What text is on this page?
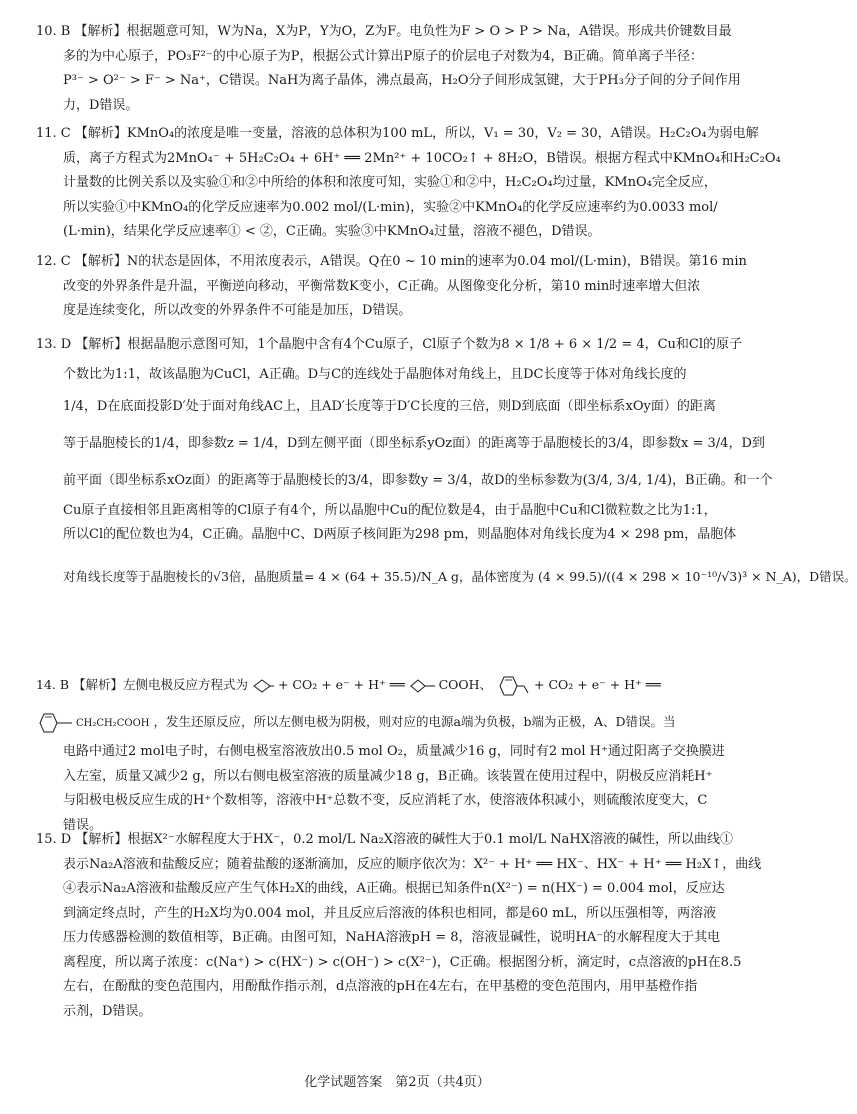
10. B 【解析】根据题意可知，W为Na，X为P，Y为O，Z为F。电负性为F > O > P > Na，A错误。形成共价键数目最
多的为中心原子，PO₃F²⁻的中心原子为P，根据公式计算出P原子的价层电子对数为4，B正确。简单离子半径：
P³⁻ > O²⁻ > F⁻ > Na⁺，C错误。NaH为离子晶体，沸点最高，H₂O分子间形成氢键，大于PH₃分子间的分子间作用
力，D错误。
11. C 【解析】KMnO₄的浓度是唯一变量，溶液的总体积为100 mL，所以，V₁ = 30，V₂ = 30，A错误。H₂C₂O₄为弱电解
质，离子方程式为2MnO₄⁻ + 5H₂C₂O₄ + 6H⁺ ══ 2Mn²⁺ + 10CO₂↑ + 8H₂O，B错误。根据方程式中KMnO₄和H₂C₂O₄
计量数的比例关系以及实验①和②中所给的体积和浓度可知，实验①和②中，H₂C₂O₄均过量，KMnO₄完全反应，
所以实验①中KMnO₄的化学反应速率为0.002 mol/(L·min)，实验②中KMnO₄的化学反应速率约为0.0033 mol/
(L·min)，结果化学反应速率① < ②，C正确。实验③中KMnO₄过量，溶液不褪色，D错误。
12. C 【解析】N的状态是固体，不用浓度表示，A错误。Q在0 ~ 10 min的速率为0.04 mol/(L·min)，B错误。第16 min
改变的外界条件是升温，平衡逆向移动，平衡常数K变小，C正确。从图像变化分析，第10 min时速率增大但浓
度是连续变化，所以改变的外界条件不可能是加压，D错误。
13. D 【解析】根据晶胞示意图可知，1个晶胞中含有4个Cu原子，Cl原子个数为8 × 1/8 + 6 × 1/2 = 4，Cu和Cl的原子
个数比为1:1，故该晶胞为CuCl，A正确。D与C的连线处于晶胞体对角线上，且DC长度等于体对角线长度的
1/4，D在底面投影D′处于面对角线AC上，且AD′长度等于D′C长度的三倍，则D到底面（即坐标系xOy面）的距离
等于晶胞棱长的1/4，即参数z = 1/4，D到左侧平面（即坐标系yOz面）的距离等于晶胞棱长的3/4，即参数x = 3/4，D到
前平面（即坐标系xOz面）的距离等于晶胞棱长的3/4，即参数y = 3/4，故D的坐标参数为(3/4, 3/4, 1/4)，B正确。和一个
Cu原子直接相邻且距离相等的Cl原子有4个，所以晶胞中Cu的配位数是4，由于晶胞中Cu和Cl微粒数之比为1:1，
所以Cl的配位数也为4，C正确。晶胞中C、D两原子核间距为298 pm，则晶胞体对角线长度为4 × 298 pm，晶胞体
对角线长度等于晶胞棱长的√3倍，晶胞质量= 4 × (64 + 35.5)/N_A g，晶体密度为 (4 × 99.5)/((4 × 298 × 10⁻¹⁰/√3)³ × N_A)，D错误。
14. B 【解析】左侧电极反应方程式为 + CO₂ + e⁻ + H⁺ ══	COOH、	+ CO₂ + e⁻ + H⁺ ══
CH₂CH₂COOH ，发生还原反应，所以左侧电极为阴极，则对应的电源a端为负极，b端为正极，A、D错误。当
电路中通过2 mol电子时，右侧电极室溶液放出0.5 mol O₂，质量减少16 g，同时有2 mol H⁺通过阳离子交换膜进
入左室，质量又减少2 g，所以右侧电极室溶液的质量减少18 g，B正确。该装置在使用过程中，阴极反应消耗H⁺
与阳极电极反应生成的H⁺个数相等，溶液中H⁺总数不变，反应消耗了水，使溶液体积减小，则硫酸浓度变大，C
错误。
15. D 【解析】根据X²⁻水解程度大于HX⁻，0.2 mol/L Na₂X溶液的碱性大于0.1 mol/L NaHX溶液的碱性，所以曲线①
表示Na₂A溶液和盐酸反应；随着盐酸的逐渐滴加，反应的顺序依次为：X²⁻ + H⁺ ══ HX⁻、HX⁻ + H⁺ ══ H₂X↑，曲线
④表示Na₂A溶液和盐酸反应产生气体H₂X的曲线，A正确。根据已知条件n(X²⁻) = n(HX⁻) = 0.004 mol，反应达
到滴定终点时，产生的H₂X均为0.004 mol，并且反应后溶液的体积也相同，都是60 mL，所以压强相等，两溶液
压力传感器检测的数值相等，B正确。由图可知，NaHA溶液pH = 8，溶液显碱性，说明HA⁻的水解程度大于其电
离程度，所以离子浓度：c(Na⁺) > c(HX⁻) > c(OH⁻) > c(X²⁻)，C正确。根据图分析，滴定时，c点溶液的pH在8.5
左右，在酚酞的变色范围内，用酚酞作指示剂，d点溶液的pH在4左右，在甲基橙的变色范围内，用甲基橙作指
示剂，D错误。
化学试题答案　第2页（共4页）
